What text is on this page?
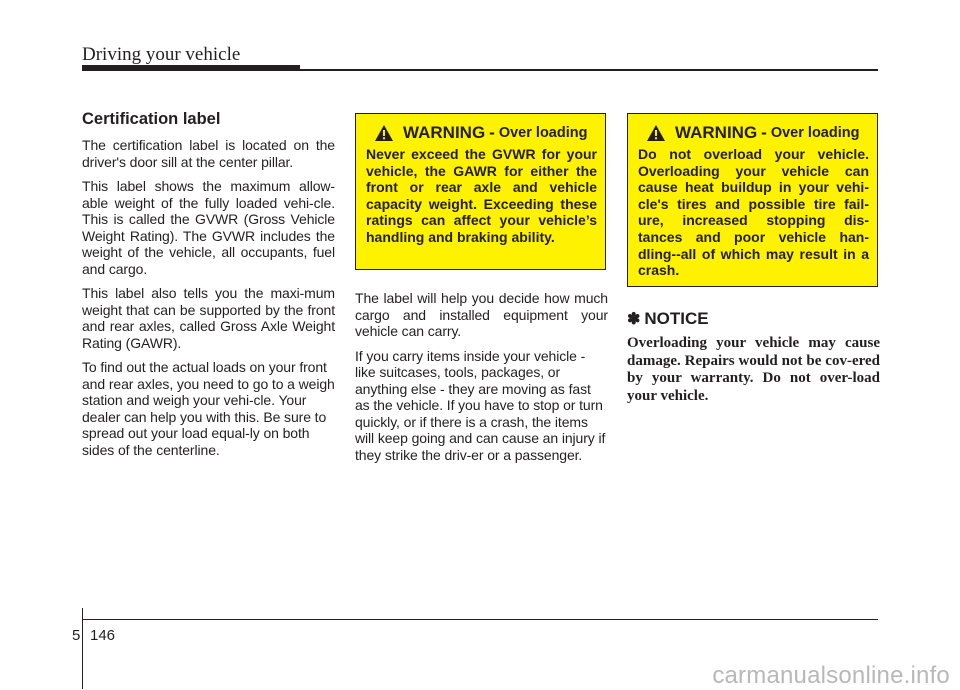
Driving your vehicle
Certification label

The certification label is located on the driver's door sill at the center pillar.

This label shows the maximum allow-able weight of the fully loaded vehi-cle. This is called the GVWR (Gross Vehicle Weight Rating). The GVWR includes the weight of the vehicle, all occupants, fuel and cargo.

This label also tells you the maxi-mum weight that can be supported by the front and rear axles, called Gross Axle Weight Rating (GAWR).

To find out the actual loads on your front and rear axles, you need to go to a weigh station and weigh your vehi-cle. Your dealer can help you with this. Be sure to spread out your load equal-ly on both sides of the centerline.

WARNING - Over loading

Never exceed the GVWR for your vehicle, the GAWR for either the front or rear axle and vehicle capacity weight. Exceeding these ratings can affect your vehicle’s handling and braking ability.

The label will help you decide how much cargo and installed equipment your vehicle can carry.

If you carry items inside your vehicle - like suitcases, tools, packages, or anything else - they are moving as fast as the vehicle. If you have to stop or turn quickly, or if there is a crash, the items will keep going and can cause an injury if they strike the driv-er or a passenger.

WARNING - Over loading

Do not overload your vehicle. Overloading your vehicle can cause heat buildup in your vehi-cle's tires and possible tire fail-ure, increased stopping dis-tances and poor vehicle han-dling--all of which may result in a crash.

✽ NOTICE

Overloading your vehicle may cause damage. Repairs would not be cov-ered by your warranty. Do not over-load your vehicle.

5 146
carmanualsonline.info
